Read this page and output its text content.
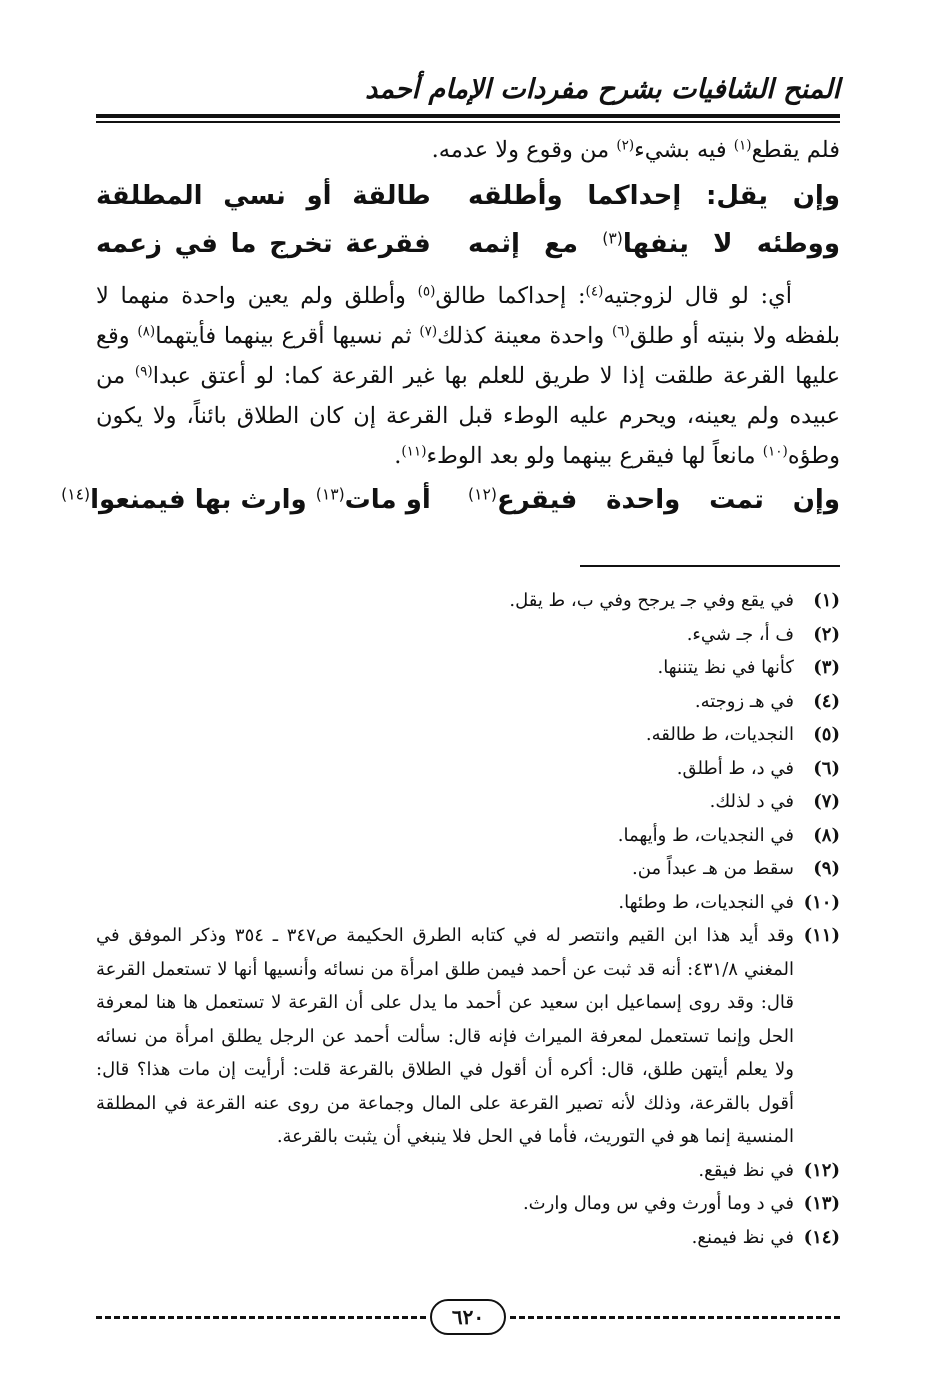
المنح الشافيات بشرح مفردات الإمام أحمد

فلم يقطع$^{(١)}$ فيه بشيء$^{(٢)}$ من وقوع ولا عدمه.

وإن يقل: إحداكما وأطلقه
طالقة أو نسي المطلقة
ووطئه لا ينفها$^{(٣)}$ مع إثمه
فقرعة تخرج ما في زعمه

أي: لو قال لزوجتيه$^{(٤)}$: إحداكما طالق$^{(٥)}$ وأطلق ولم يعين واحدة منهما لا بلفظه ولا بنيته أو طلق$^{(٦)}$ واحدة معينة كذلك$^{(٧)}$ ثم نسيها أقرع بينهما فأيتهما$^{(٨)}$ وقع عليها القرعة طلقت إذا لا طريق للعلم بها غير القرعة كما: لو أعتق عبدا$^{(٩)}$ من عبيده ولم يعينه، ويحرم عليه الوطء قبل القرعة إن كان الطلاق بائناً، ولا يكون وطؤه$^{(١٠)}$ مانعاً لها فيقرع بينهما ولو بعد الوطء$^{(١١)}$.

وإن تمت واحدة فيقرع$^{(١٢)}$
أو مات$^{(١٣)}$ وارث بها فيمنعوا$^{(١٤)}$
(١)
في يقع وفي جـ يرجح وفي ب، ط يقل.
(٢)
ف أ، جـ شيء.
(٣)
كأنها في نظ يتننها.
(٤)
في هـ زوجته.
(٥)
النجديات، ط طالقه.
(٦)
في د، ط أطلق.
(٧)
في د لذلك.
(٨)
في النجديات، ط وأيهما.
(٩)
سقط من هـ عبداً من.
(١٠)
في النجديات، ط وطئها.
(١١)
وقد أيد هذا ابن القيم وانتصر له في كتابه الطرق الحكيمة ص٣٤٧ ـ ٣٥٤ وذكر الموفق في المغني ٤٣١/٨: أنه قد ثبت عن أحمد فيمن طلق امرأة من نسائه وأنسيها أنها لا تستعمل القرعة قال: وقد روى إسماعيل ابن سعيد عن أحمد ما يدل على أن القرعة لا تستعمل ها هنا لمعرفة الحل وإنما تستعمل لمعرفة الميراث فإنه قال: سألت أحمد عن الرجل يطلق امرأة من نسائه ولا يعلم أيتهن طلق، قال: أكره أن أقول في الطلاق بالقرعة قلت: أرأيت إن مات هذا؟ قال: أقول بالقرعة، وذلك لأنه تصير القرعة على المال وجماعة من روى عنه القرعة في المطلقة المنسية إنما هو في التوريث، فأما في الحل فلا ينبغي أن يثبت بالقرعة.
(١٢)
في نظ فيقع.
(١٣)
في د وما أورث وفي س ومال وارث.
(١٤)
في نظ فيمنع.
٦٢٠
